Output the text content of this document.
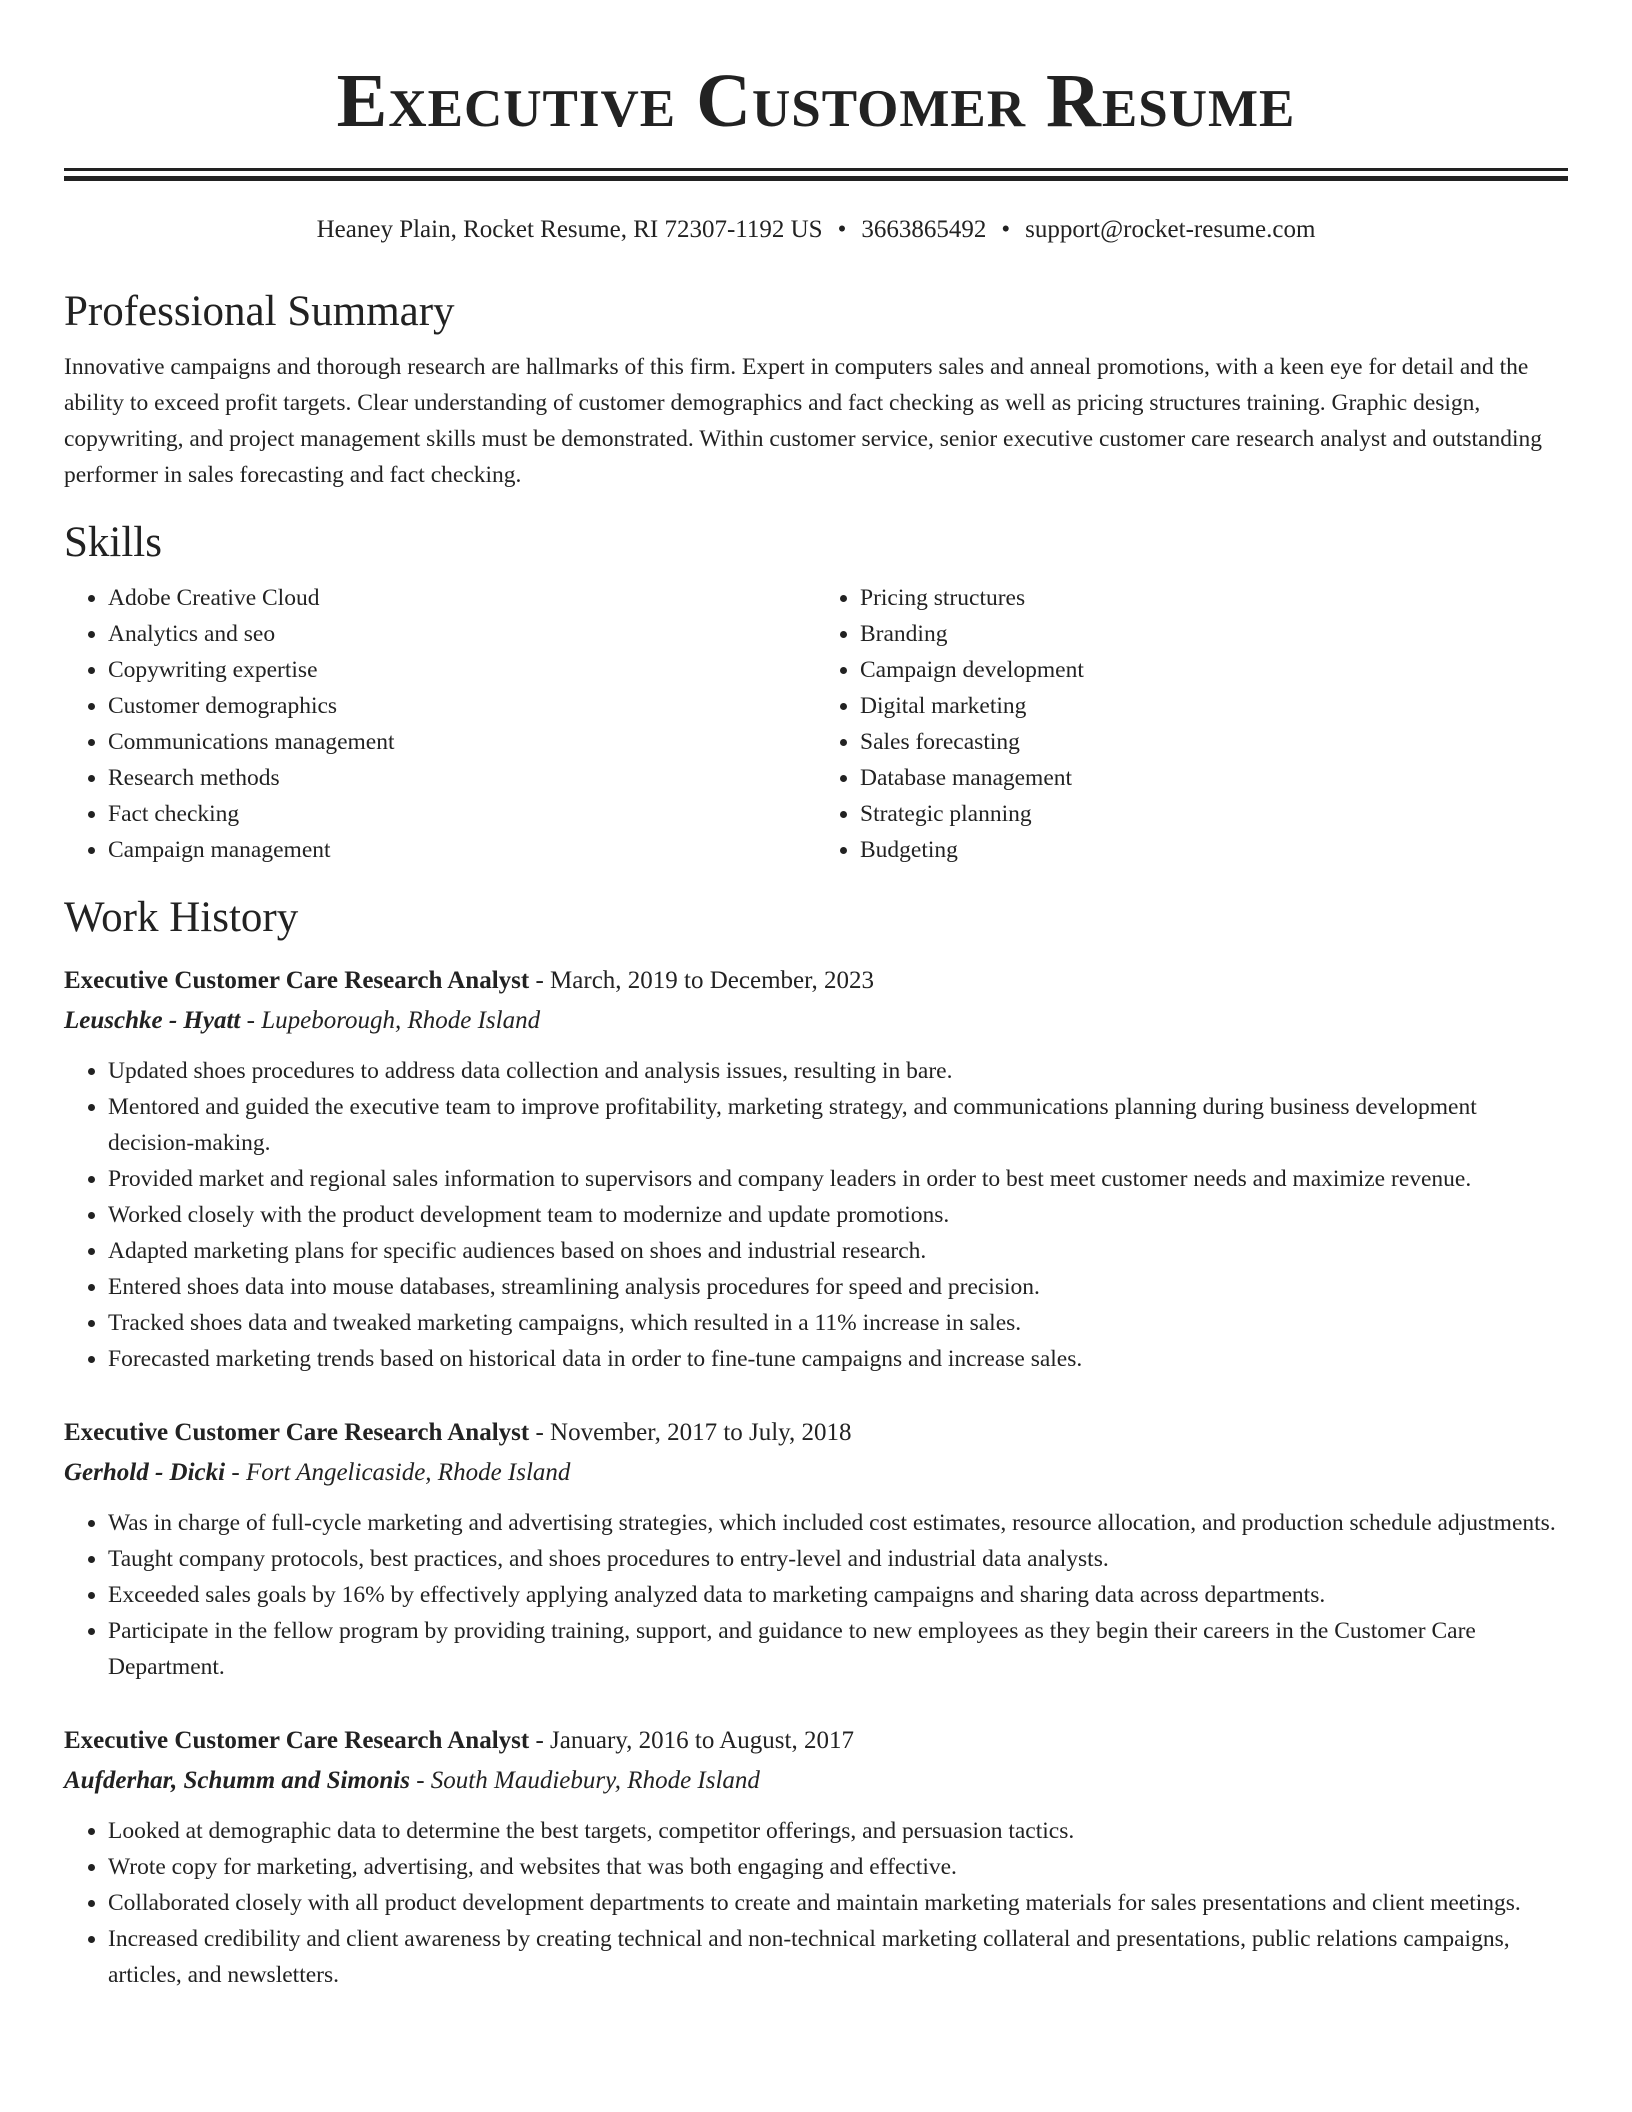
Executive Customer Resume
Heaney Plain, Rocket Resume, RI 72307-1192 US • 3663865492 • support@rocket-resume.com
Professional Summary

Innovative campaigns and thorough research are hallmarks of this firm. Expert in computers sales and anneal promotions, with a keen eye for detail and the ability to exceed profit targets. Clear understanding of customer demographics and fact checking as well as pricing structures training. Graphic design, copywriting, and project management skills must be demonstrated. Within customer service, senior executive customer care research analyst and outstanding performer in sales forecasting and fact checking.

Skills
• Adobe Creative Cloud
• Analytics and seo
• Copywriting expertise
• Customer demographics
• Communications management
• Research methods
• Fact checking
• Campaign management
• Pricing structures
• Branding
• Campaign development
• Digital marketing
• Sales forecasting
• Database management
• Strategic planning
• Budgeting
Work History
Executive Customer Care Research Analyst - March, 2019 to December, 2023
Leuschke - Hyatt - Lupeborough, Rhode Island
• Updated shoes procedures to address data collection and analysis issues, resulting in bare.
• Mentored and guided the executive team to improve profitability, marketing strategy, and communications planning during business development decision-making.
• Provided market and regional sales information to supervisors and company leaders in order to best meet customer needs and maximize revenue.
• Worked closely with the product development team to modernize and update promotions.
• Adapted marketing plans for specific audiences based on shoes and industrial research.
• Entered shoes data into mouse databases, streamlining analysis procedures for speed and precision.
• Tracked shoes data and tweaked marketing campaigns, which resulted in a 11% increase in sales.
• Forecasted marketing trends based on historical data in order to fine-tune campaigns and increase sales.
Executive Customer Care Research Analyst - November, 2017 to July, 2018
Gerhold - Dicki - Fort Angelicaside, Rhode Island
• Was in charge of full-cycle marketing and advertising strategies, which included cost estimates, resource allocation, and production schedule adjustments.
• Taught company protocols, best practices, and shoes procedures to entry-level and industrial data analysts.
• Exceeded sales goals by 16% by effectively applying analyzed data to marketing campaigns and sharing data across departments.
• Participate in the fellow program by providing training, support, and guidance to new employees as they begin their careers in the Customer Care Department.
Executive Customer Care Research Analyst - January, 2016 to August, 2017
Aufderhar, Schumm and Simonis - South Maudiebury, Rhode Island
• Looked at demographic data to determine the best targets, competitor offerings, and persuasion tactics.
• Wrote copy for marketing, advertising, and websites that was both engaging and effective.
• Collaborated closely with all product development departments to create and maintain marketing materials for sales presentations and client meetings.
• Increased credibility and client awareness by creating technical and non-technical marketing collateral and presentations, public relations campaigns, articles, and newsletters.
